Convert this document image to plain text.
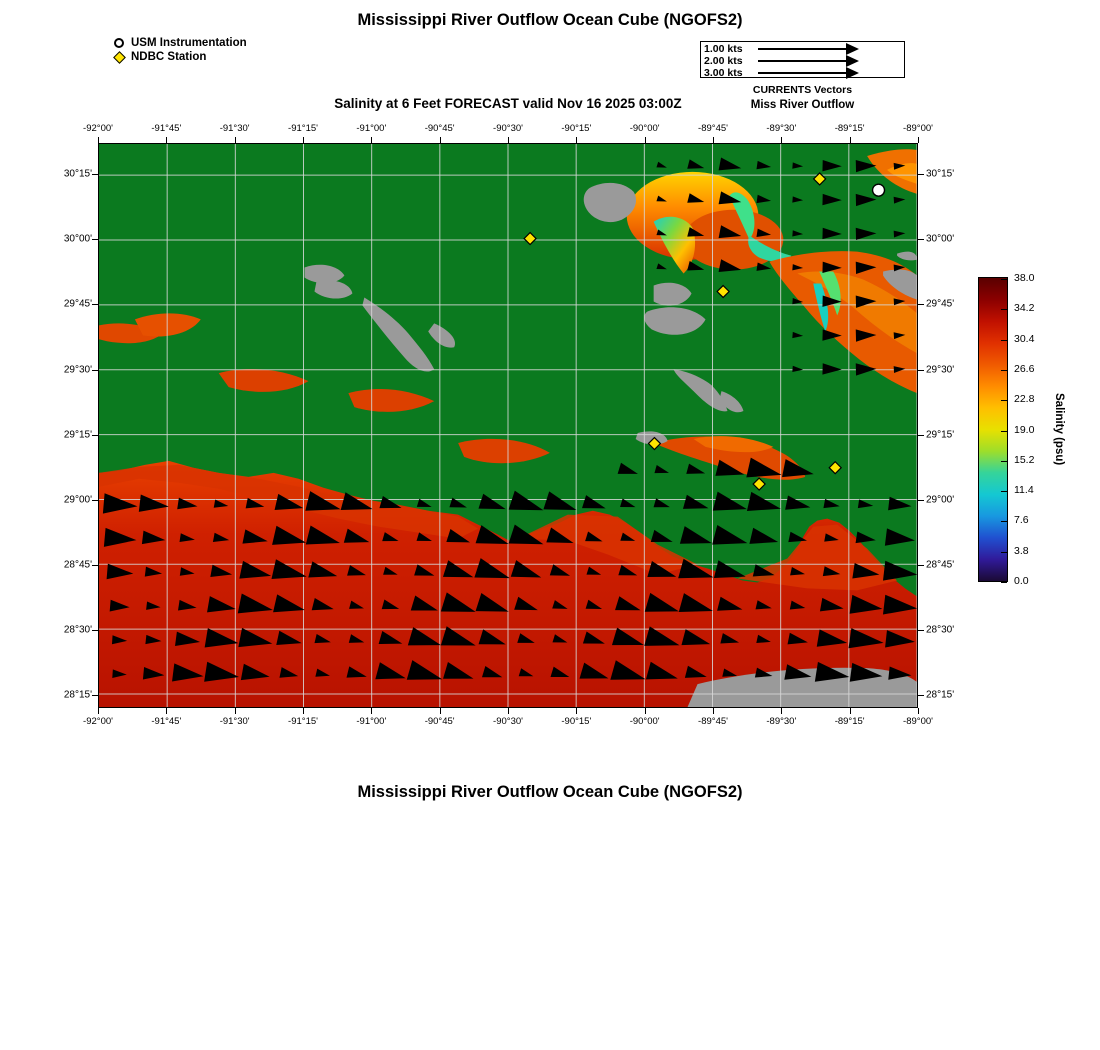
Mississippi River Outflow Ocean Cube (NGOFS2)
USM Instrumentation
NDBC Station
1.00 kts
2.00 kts
3.00 kts
CURRENTS Vectors
Miss River Outflow
Salinity at 6 Feet FORECAST valid Nov 16 2025 03:00Z
-92°00'
-92°00'
-91°45'
-91°45'
-91°30'
-91°30'
-91°15'
-91°15'
-91°00'
-91°00'
-90°45'
-90°45'
-90°30'
-90°30'
-90°15'
-90°15'
-90°00'
-90°00'
-89°45'
-89°45'
-89°30'
-89°30'
-89°15'
-89°15'
-89°00'
-89°00'
30°15'	30°15'
30°00'	30°00'
29°45'	29°45'
29°30'	29°30'
29°15'	29°15'
29°00'	29°00'
28°45'	28°45'
28°30'	28°30'
28°15'	28°15'
38.0
34.2
30.4
26.6
22.8
19.0
15.2
11.4
7.6
3.8
0.0
Salinity (psu)
Mississippi River Outflow Ocean Cube (NGOFS2)
